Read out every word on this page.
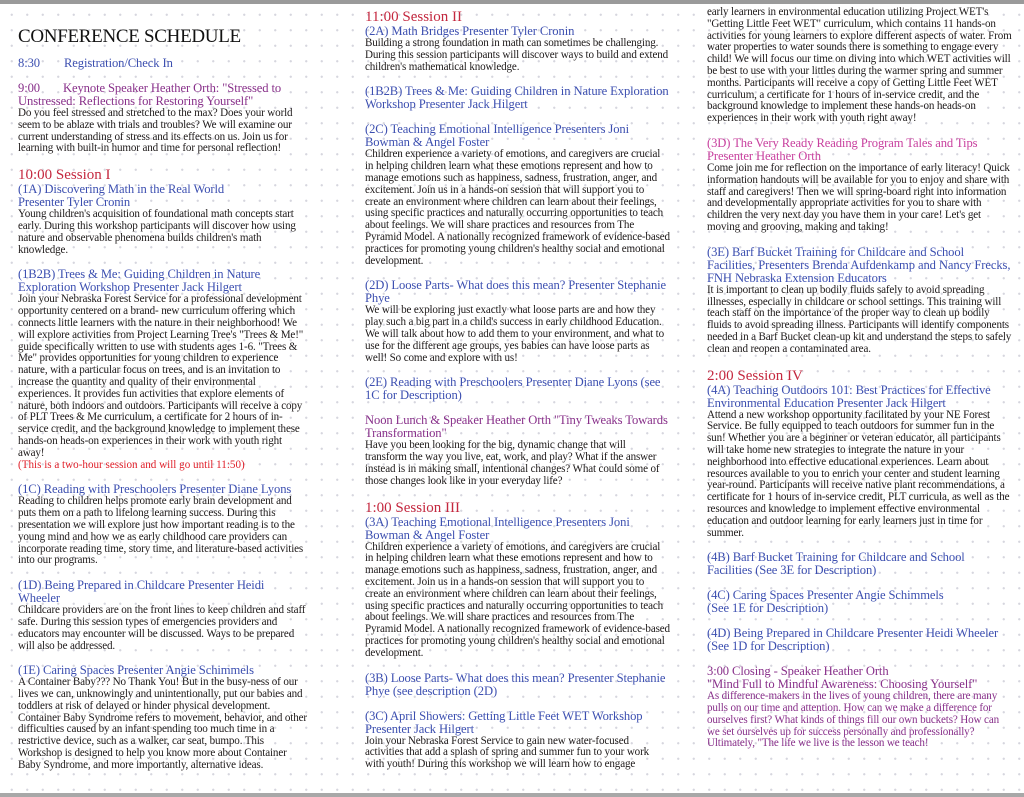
CONFERENCE SCHEDULE
8:30 Registration/Check In
9:00 Keynote Speaker Heather Orth: "Stressed to Unstressed: Reflections for Restoring Yourself"
Do you feel stressed and stretched to the max? Does your world seem to be ablaze with trials and troubles? We will examine our current understanding of stress and its effects on us. Join us for learning with built-in humor and time for personal reflection!
10:00 Session I
(1A) Discovering Math in the Real World
Presenter Tyler Cronin
Young children's acquisition of foundational math concepts start early. During this workshop participants will discover how using nature and observable phenomena builds children's math knowledge.
(1B2B) Trees & Me: Guiding Children in Nature Exploration Workshop Presenter Jack Hilgert
Join your Nebraska Forest Service for a professional development opportunity centered on a brand- new curriculum offering which connects little learners with the nature in their neighborhood! We will explore activities from Project Learning Tree's "Trees & Me!" guide specifically written to use with students ages 1-6. "Trees & Me" provides opportunities for young children to experience nature, with a particular focus on trees, and is an invitation to increase the quantity and quality of their environmental experiences. It provides fun activities that explore elements of nature, both indoors and outdoors. Participants will receive a copy of PLT Trees & Me curriculum, a certificate for 2 hours of in-service credit, and the background knowledge to implement these hands-on heads-on experiences in their work with youth right away!
(This is a two-hour session and will go until 11:50)
(1C) Reading with Preschoolers Presenter Diane Lyons
Reading to children helps promote early brain development and puts them on a path to lifelong learning success. During this presentation we will explore just how important reading is to the young mind and how we as early childhood care providers can incorporate reading time, story time, and literature-based activities into our programs.
(1D) Being Prepared in Childcare Presenter Heidi Wheeler
Childcare providers are on the front lines to keep children and staff safe. During this session types of emergencies providers and educators may encounter will be discussed. Ways to be prepared will also be addressed.
(1E) Caring Spaces Presenter Angie Schimmels
A Container Baby??? No Thank You! But in the busy-ness of our lives we can, unknowingly and unintentionally, put our babies and toddlers at risk of delayed or hinder physical development. Container Baby Syndrome refers to movement, behavior, and other difficulties caused by an infant spending too much time in a restrictive device, such as a walker, car seat, bumpo. This Workshop is designed to help you know more about Container Baby Syndrome, and more importantly, alternative ideas.
11:00 Session II
(2A) Math Bridges Presenter Tyler Cronin
Building a strong foundation in math can sometimes be challenging. During this session participants will discover ways to build and extend children's mathematical knowledge.
(1B2B) Trees & Me: Guiding Children in Nature Exploration Workshop Presenter Jack Hilgert
(2C) Teaching Emotional Intelligence Presenters Joni Bowman & Angel Foster
Children experience a variety of emotions, and caregivers are crucial in helping children learn what these emotions represent and how to manage emotions such as happiness, sadness, frustration, anger, and excitement. Join us in a hands-on session that will support you to create an environment where children can learn about their feelings, using specific practices and naturally occurring opportunities to teach about feelings. We will share practices and resources from The Pyramid Model. A nationally recognized framework of evidence-based practices for promoting young children's healthy social and emotional development.
(2D) Loose Parts- What does this mean? Presenter Stephanie Phye
We will be exploring just exactly what loose parts are and how they play such a big part in a child's success in early childhood Education. We will talk about how to add them to your environment, and what to use for the different age groups, yes babies can have loose parts as well! So come and explore with us!
(2E) Reading with Preschoolers Presenter Diane Lyons (see 1C for Description)
Noon Lunch & Speaker Heather Orth "Tiny Tweaks Towards Transformation"
Have you been looking for the big, dynamic change that will transform the way you live, eat, work, and play? What if the answer instead is in making small, intentional changes? What could some of those changes look like in your everyday life?
1:00 Session III
(3A) Teaching Emotional Intelligence Presenters Joni Bowman & Angel Foster
Children experience a variety of emotions, and caregivers are crucial in helping children learn what these emotions represent and how to manage emotions such as happiness, sadness, frustration, anger, and excitement. Join us in a hands-on session that will support you to create an environment where children can learn about their feelings, using specific practices and naturally occurring opportunities to teach about feelings. We will share practices and resources from The Pyramid Model. A nationally recognized framework of evidence-based practices for promoting young children's healthy social and emotional development.
(3B) Loose Parts- What does this mean? Presenter Stephanie Phye (see description (2D)
(3C) April Showers: Getting Little Feet WET Workshop Presenter Jack Hilgert
Join your Nebraska Forest Service to gain new water-focused activities that add a splash of spring and summer fun to your work with youth! During this workshop we will learn how to engage
early learners in environmental education utilizing Project WET's "Getting Little Feet WET" curriculum, which contains 11 hands-on activities for young learners to explore different aspects of water. From water properties to water sounds there is something to engage every child! We will focus our time on diving into which WET activities will be best to use with your littles during the warmer spring and summer months. Participants will receive a copy of Getting Little Feet WET curriculum, a certificate for 1 hours of in-service credit, and the background knowledge to implement these hands-on heads-on experiences in their work with youth right away!
(3D) The Very Ready Reading Program Tales and Tips Presenter Heather Orth
Come join me for reflection on the importance of early literacy! Quick information handouts will be available for you to enjoy and share with staff and caregivers! Then we will spring-board right into information and developmentally appropriate activities for you to share with children the very next day you have them in your care! Let's get moving and grooving, making and taking!
(3E) Barf Bucket Training for Childcare and School Facilities, Presenters Brenda Aufdenkamp and Nancy Frecks, FNH Nebraska Extension Educators
It is important to clean up bodily fluids safely to avoid spreading illnesses, especially in childcare or school settings. This training will teach staff on the importance of the proper way to clean up bodily fluids to avoid spreading illness. Participants will identify components needed in a Barf Bucket clean-up kit and understand the steps to safely clean and reopen a contaminated area.
2:00 Session IV
(4A) Teaching Outdoors 101: Best Practices for Effective Environmental Education Presenter Jack Hilgert
Attend a new workshop opportunity facilitated by your NE Forest Service. Be fully equipped to teach outdoors for summer fun in the sun! Whether you are a beginner or veteran educator, all participants will take home new strategies to integrate the nature in your neighborhood into effective educational experiences. Learn about resources available to you to enrich your center and student learning year-round. Participants will receive native plant recommendations, a certificate for 1 hours of in-service credit, PLT curricula, as well as the resources and knowledge to implement effective environmental education and outdoor learning for early learners just in time for summer.
(4B) Barf Bucket Training for Childcare and School Facilities (See 3E for Description)
(4C) Caring Spaces Presenter Angie Schimmels
(See 1E for Description)
(4D) Being Prepared in Childcare Presenter Heidi Wheeler (See 1D for Description)
3:00 Closing - Speaker Heather Orth
"Mind Full to Mindful Awareness: Choosing Yourself"
As difference-makers in the lives of young children, there are many pulls on our time and attention. How can we make a difference for ourselves first? What kinds of things fill our own buckets? How can we set ourselves up for success personally and professionally? Ultimately, "The life we live is the lesson we teach!
